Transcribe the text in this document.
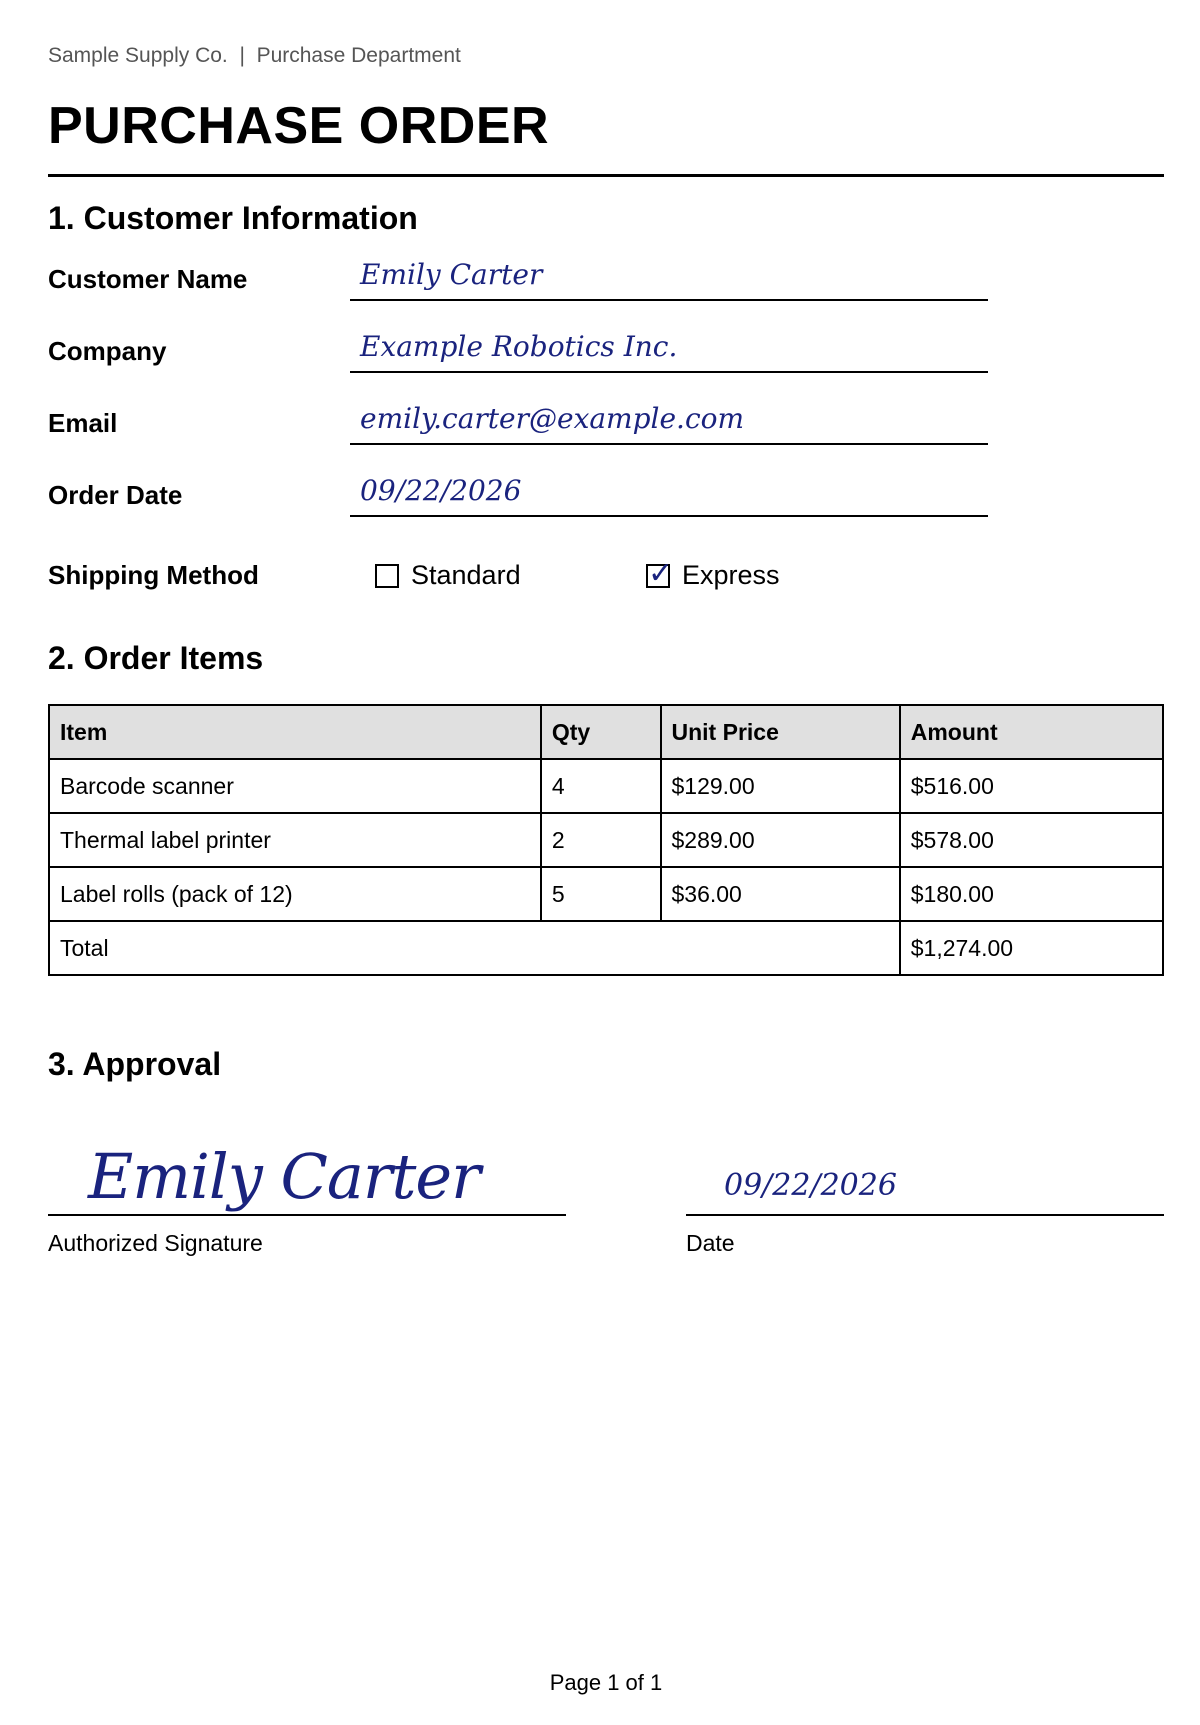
Sample Supply Co. | Purchase Department
PURCHASE ORDER
1. Customer Information
Customer Name	Emily Carter
Company	Example Robotics Inc.
Email	emily.carter@example.com
Order Date	09/22/2026
Shipping Method	Standard	✓ Express
2. Order Items
Item	Qty	Unit Price	Amount
Barcode scanner	4	$129.00	$516.00
Thermal label printer	2	$289.00	$578.00
Label rolls (pack of 12)	5	$36.00	$180.00
Total			$1,274.00
3. Approval
Emily Carter
Authorized Signature
09/22/2026
Date
Page 1 of 1
